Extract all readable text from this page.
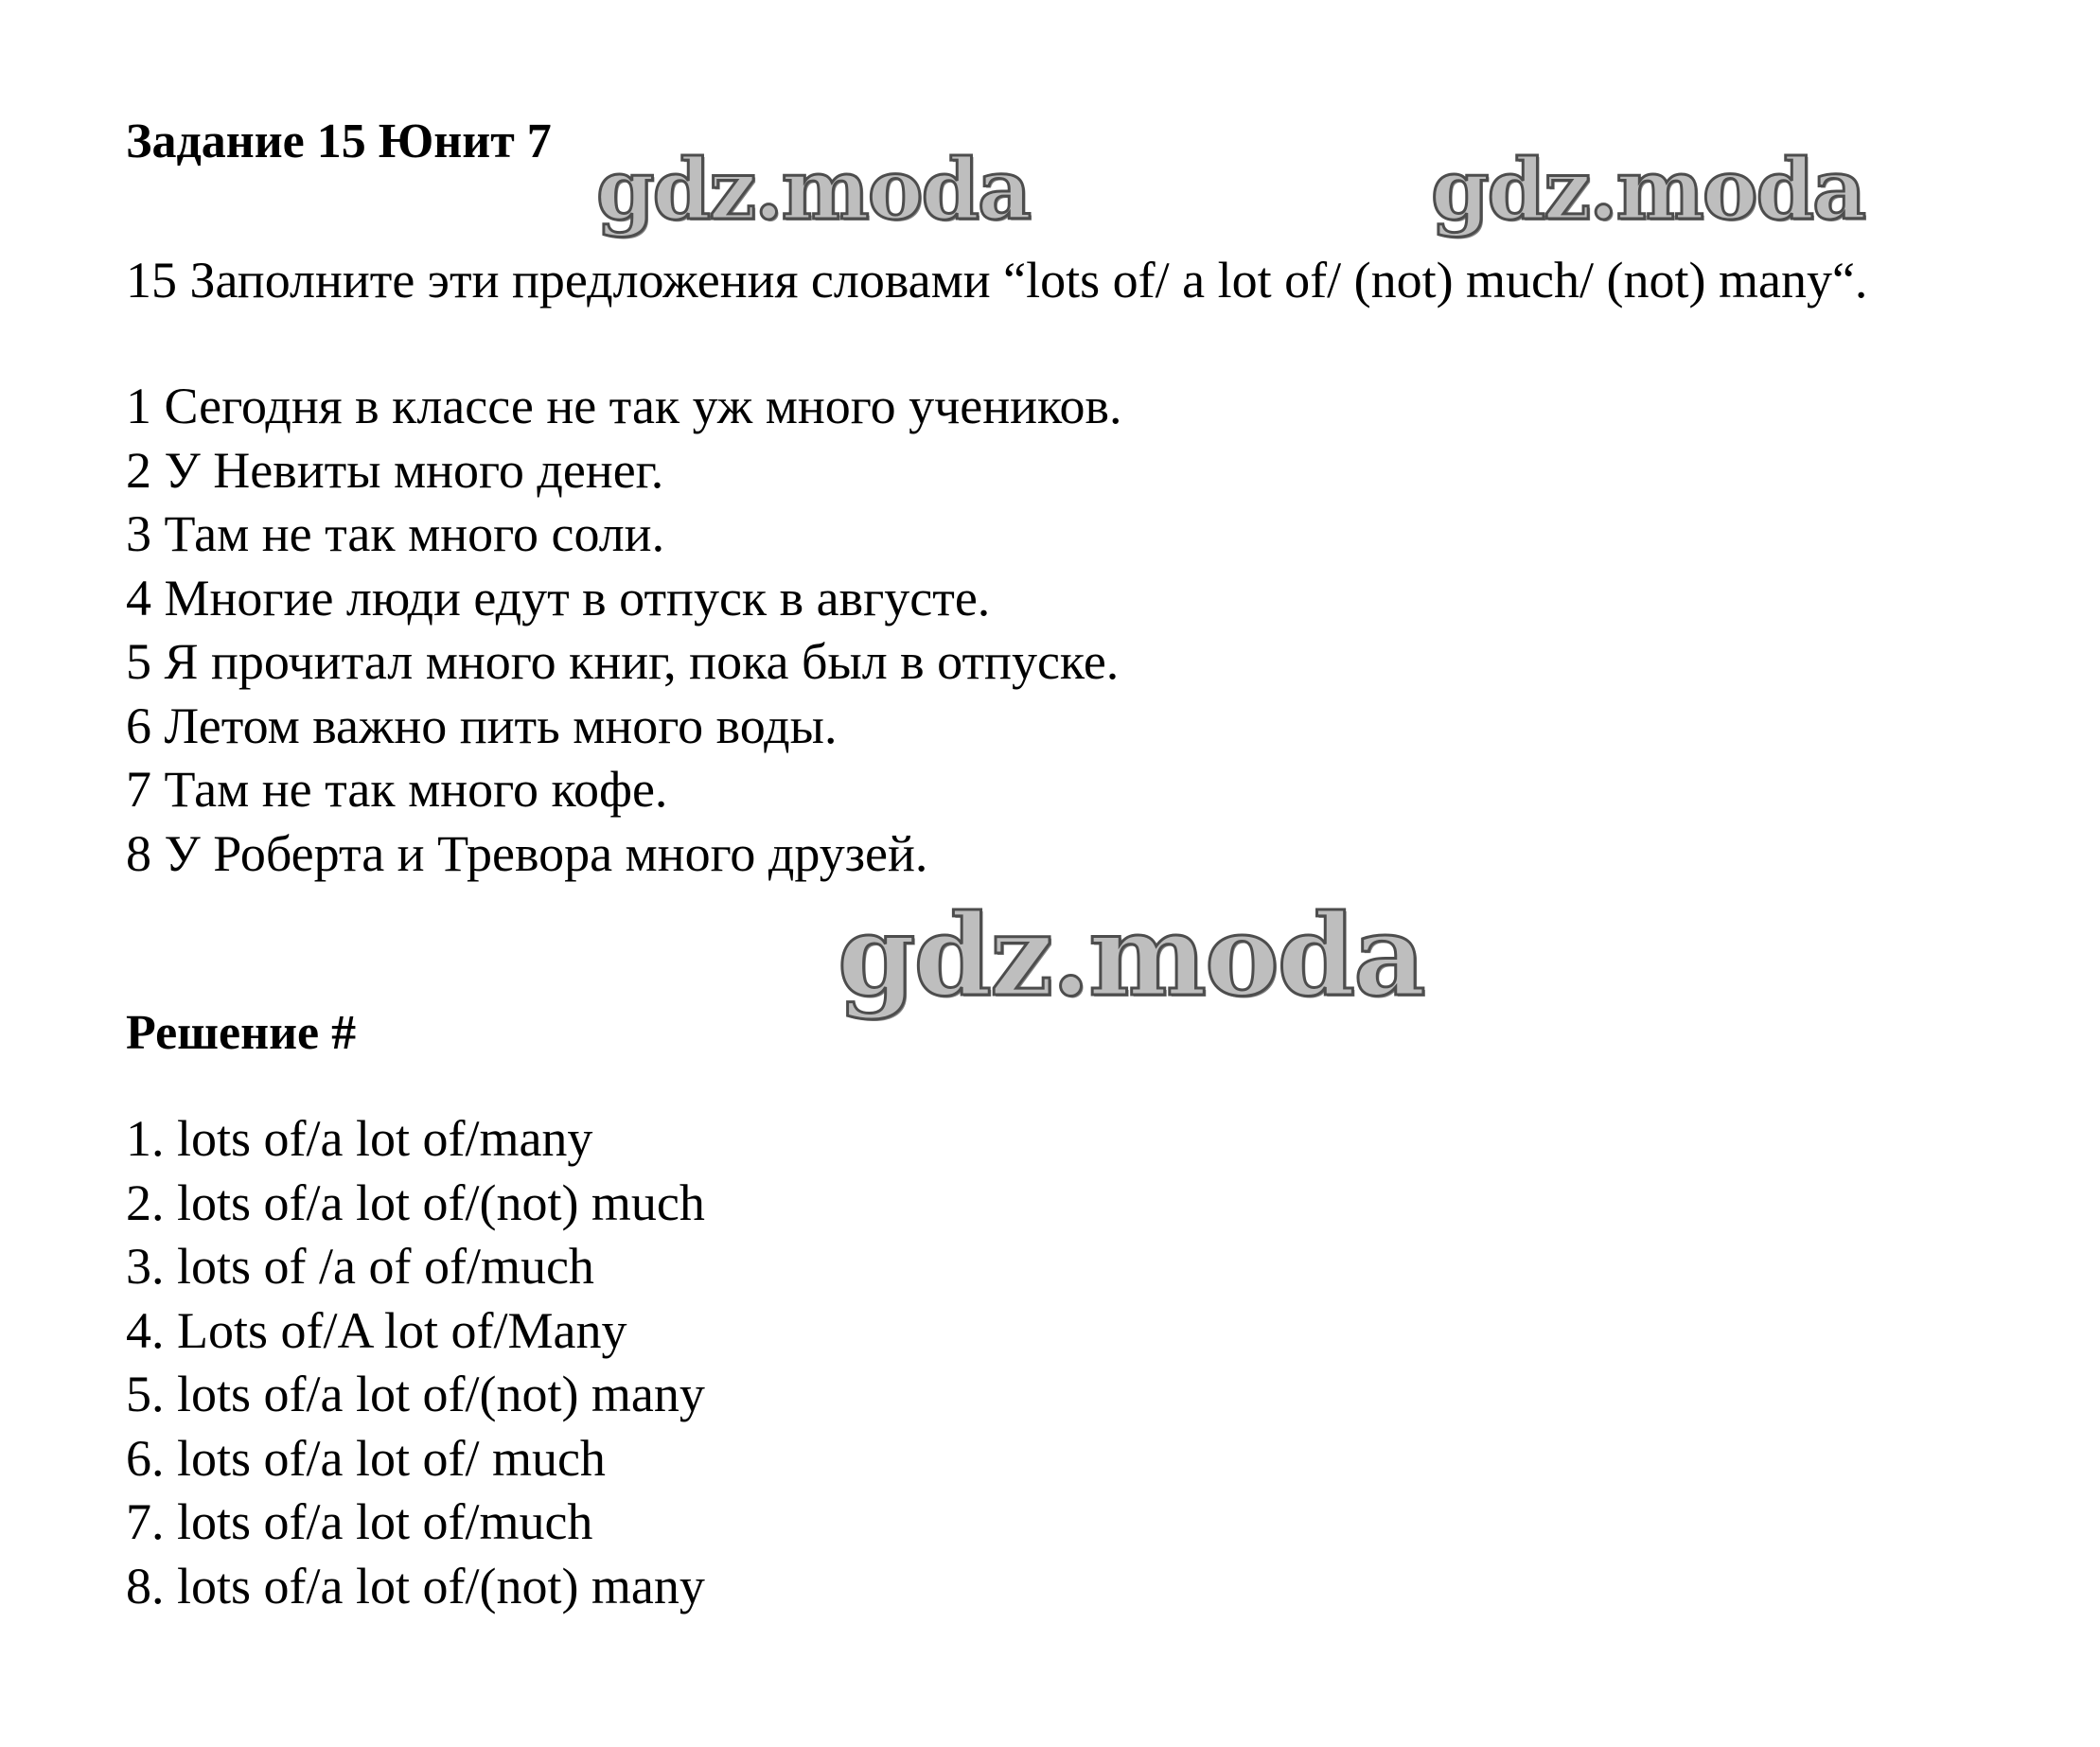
Задание 15 Юнит 7 gdz.moda	gdz.moda
15 Заполните эти предложения словами “lots of/ a lot of/ (not) much/ (not) many“.
1 Сегодня в классе не так уж много учеников.
2 У Невиты много денег.
3 Там не так много соли.
4 Многие люди едут в отпуск в августе.
5 Я прочитал много книг, пока был в отпуске.
6 Летом важно пить много воды.
7 Там не так много кофе.
8 У Роберта и Тревора много друзей.
gdz.moda
Решение #
1. lots of/a lot of/many
2. lots of/a lot of/(not) much
3. lots of /a of of/much
4. Lots of/A lot of/Many
5. lots of/a lot of/(not) many
6. lots of/a lot of/ much
7. lots of/a lot of/much
8. lots of/a lot of/(not) many
